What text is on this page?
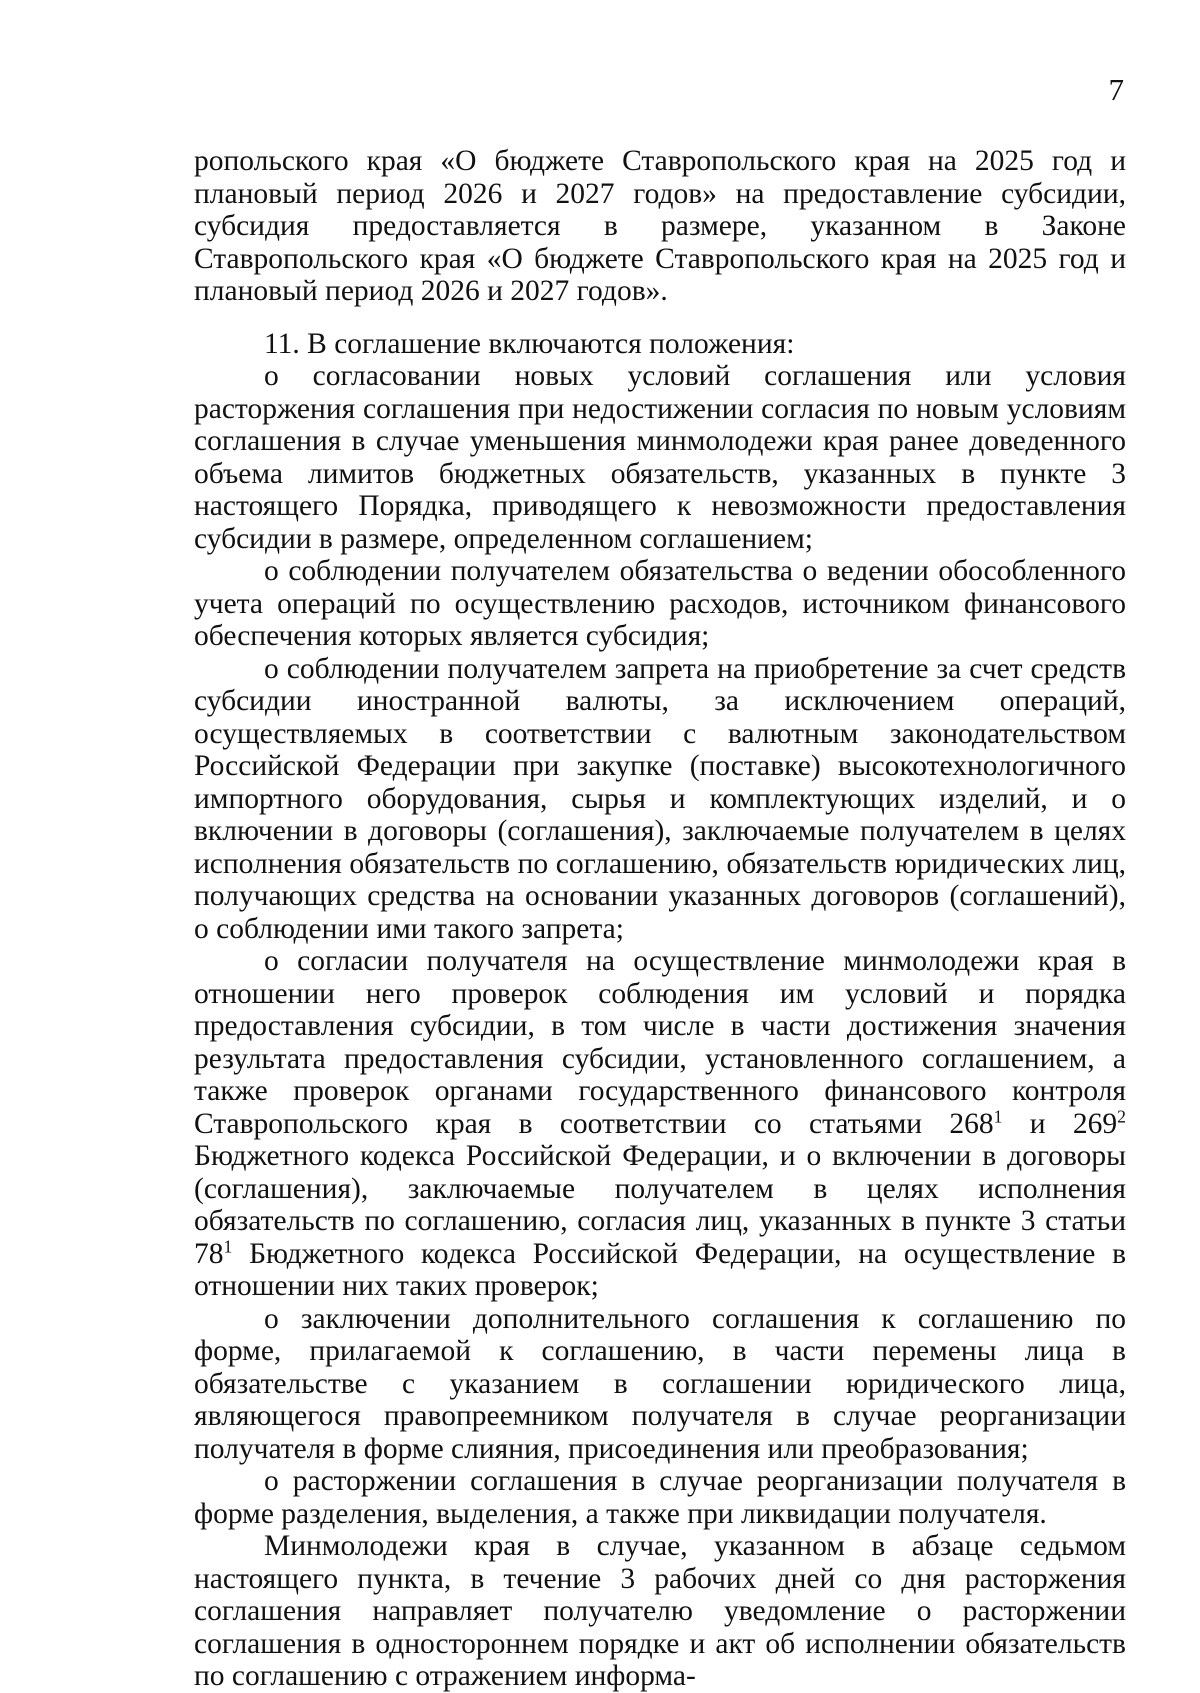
7

ропольского края «О бюджете Ставропольского края на 2025 год и плановый период 2026 и 2027 годов» на предоставление субсидии, субсидия предоставляется в размере, указанном в Законе Ставропольского края «О бюджете Ставропольского края на 2025 год и плановый период 2026 и 2027 годов».

11. В соглашение включаются положения:

о согласовании новых условий соглашения или условия расторжения соглашения при недостижении согласия по новым условиям соглашения в случае уменьшения минмолодежи края ранее доведенного объема лимитов бюджетных обязательств, указанных в пункте 3 настоящего Порядка, приводящего к невозможности предоставления субсидии в размере, определенном соглашением;

о соблюдении получателем обязательства о ведении обособленного учета операций по осуществлению расходов, источником финансового обеспечения которых является субсидия;

о соблюдении получателем запрета на приобретение за счет средств субсидии иностранной валюты, за исключением операций, осуществляемых в соответствии с валютным законодательством Российской Федерации при закупке (поставке) высокотехнологичного импортного оборудования, сырья и комплектующих изделий, и о включении в договоры (соглашения), заключаемые получателем в целях исполнения обязательств по соглашению, обязательств юридических лиц, получающих средства на основании указанных договоров (соглашений), о соблюдении ими такого запрета;

о согласии получателя на осуществление минмолодежи края в отношении него проверок соблюдения им условий и порядка предоставления субсидии, в том числе в части достижения значения результата предоставления субсидии, установленного соглашением, а также проверок органами государственного финансового контроля Ставропольского края в соответствии со статьями $268^1$ и $269^2$ Бюджетного кодекса Российской Федерации, и о включении в договоры (соглашения), заключаемые получателем в целях исполнения обязательств по соглашению, согласия лиц, указанных в пункте 3 статьи $78^1$ Бюджетного кодекса Российской Федерации, на осуществление в отношении них таких проверок;

о заключении дополнительного соглашения к соглашению по форме, прилагаемой к соглашению, в части перемены лица в обязательстве с указанием в соглашении юридического лица, являющегося правопреемником получателя в случае реорганизации получателя в форме слияния, присоединения или преобразования;

о расторжении соглашения в случае реорганизации получателя в форме разделения, выделения, а также при ликвидации получателя.

Минмолодежи края в случае, указанном в абзаце седьмом настоящего пункта, в течение 3 рабочих дней со дня расторжения соглашения направляет получателю уведомление о расторжении соглашения в одностороннем порядке и акт об исполнении обязательств по соглашению с отражением информа-
